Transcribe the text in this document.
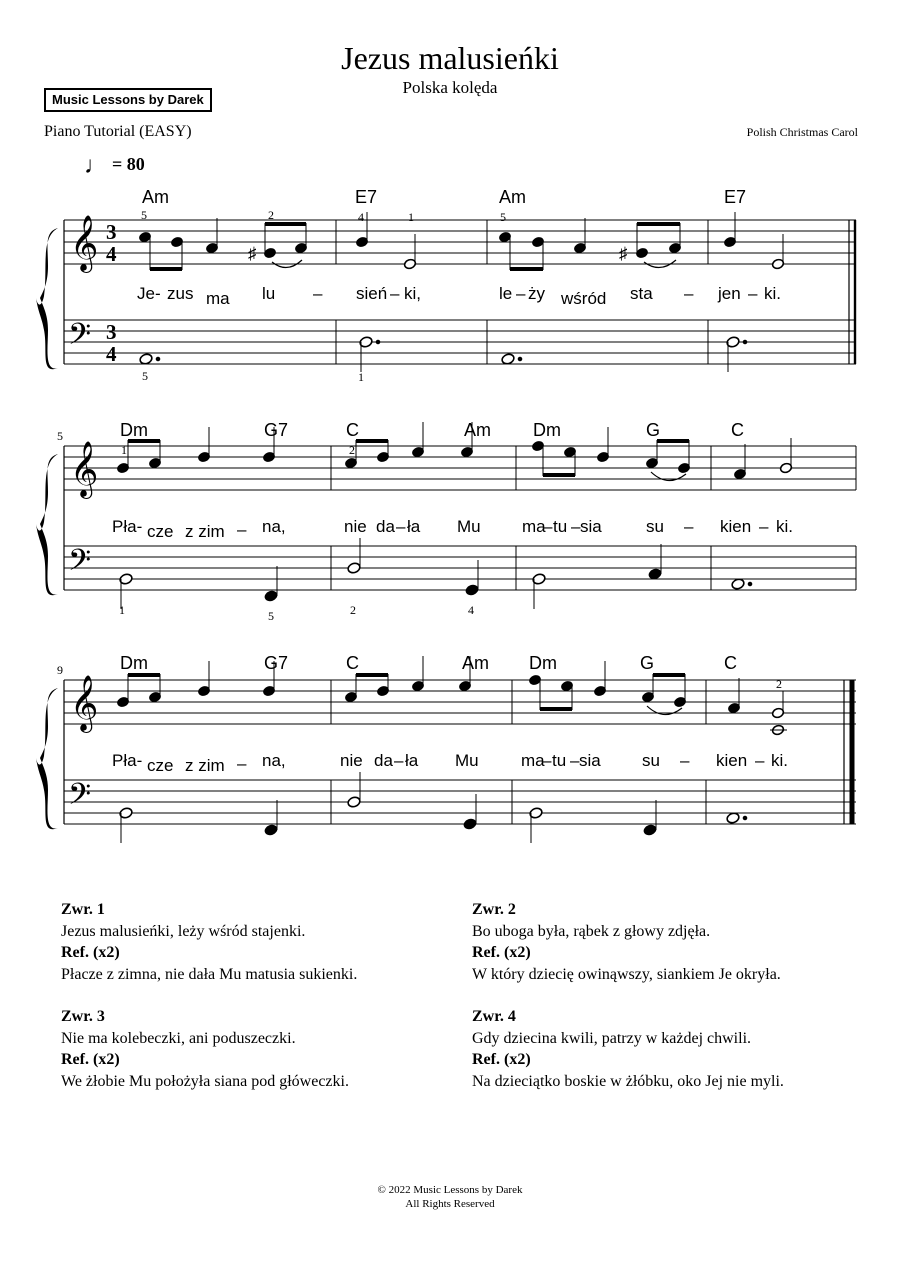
Jezus malusieńki
Polska kolęda
Music Lessons by Darek
Piano Tutorial (EASY)	Polish Christmas Carol
♩ = 80
𝄞
𝄢
3
4
3
4
Am	E7	Am	E7
5	2	4	1	5
♯	♯
Je- zus ma lu – sień – ki,	le – ży wśród sta – jen – ki.
5	1
5
𝄞
𝄢
Dm	G7	C	Am Dm	G	C
1	2
Pła- cze z zim – na,	nie da – ła Mu ma
– tu – sia	su – kien – ki.
1	5	2	4
9
𝄞
𝄢
Dm	G7	C	Am Dm	G	C
2
Pła- cze z zim – na,	nie da – ła Mu ma
– tu – sia su – kien – ki.
Zwr. 1
Jezus malusieńki, leży wśród stajenki.
Ref. (x2)
Płacze z zimna, nie dała Mu matusia sukienki.
Zwr. 2
Bo uboga była, rąbek z głowy zdjęła.
Ref. (x2)
W który dziecię owinąwszy, siankiem Je okryła.
Zwr. 3
Nie ma kolebeczki, ani poduszeczki.
Ref. (x2)
We żłobie Mu położyła siana pod główeczki.
Zwr. 4
Gdy dziecina kwili, patrzy w każdej chwili.
Ref. (x2)
Na dzieciątko boskie w żłóbku, oko Jej nie myli.
© 2022 Music Lessons by Darek
All Rights Reserved
